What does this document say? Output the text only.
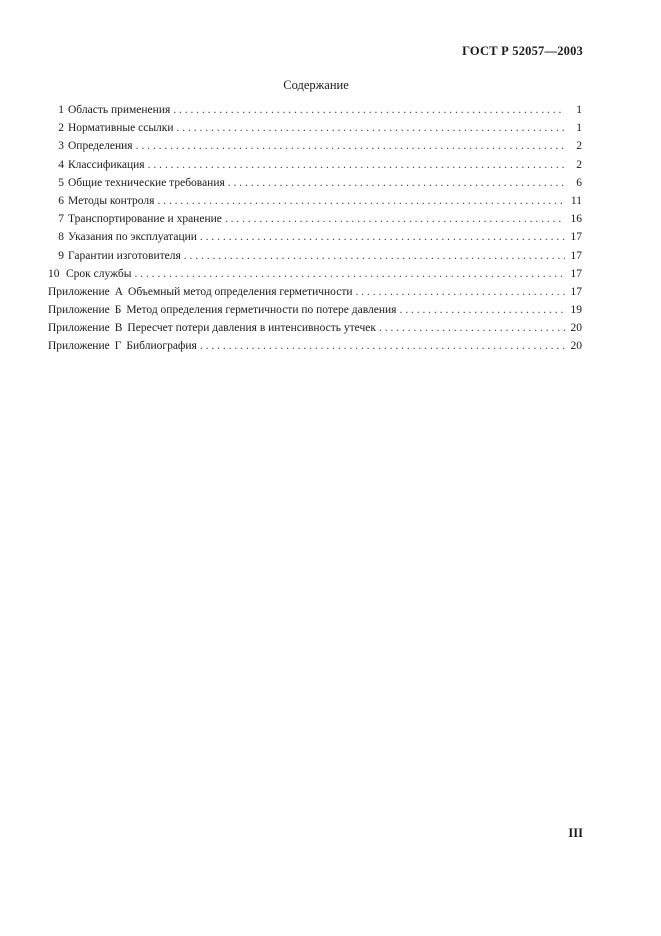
ГОСТ Р 52057—2003
Содержание
1 Область применения . . .	1
2 Нормативные ссылки . . .	1
3 Определения . . .	2
4 Классификация . . .	2
5 Общие технические требования . . .	6
6 Методы контроля . . .	11
7 Транспортирование и хранение . . .	16
8 Указания по эксплуатации . . .	17
9 Гарантии изготовителя . . .	17
10 Срок службы . . .	17
Приложение А Объемный метод определения герметичности . . .	17
Приложение Б Метод определения герметичности по потере давления . . .	19
Приложение В Пересчет потери давления в интенсивность утечек . . .	20
Приложение Г Библиография . . .	20
III
